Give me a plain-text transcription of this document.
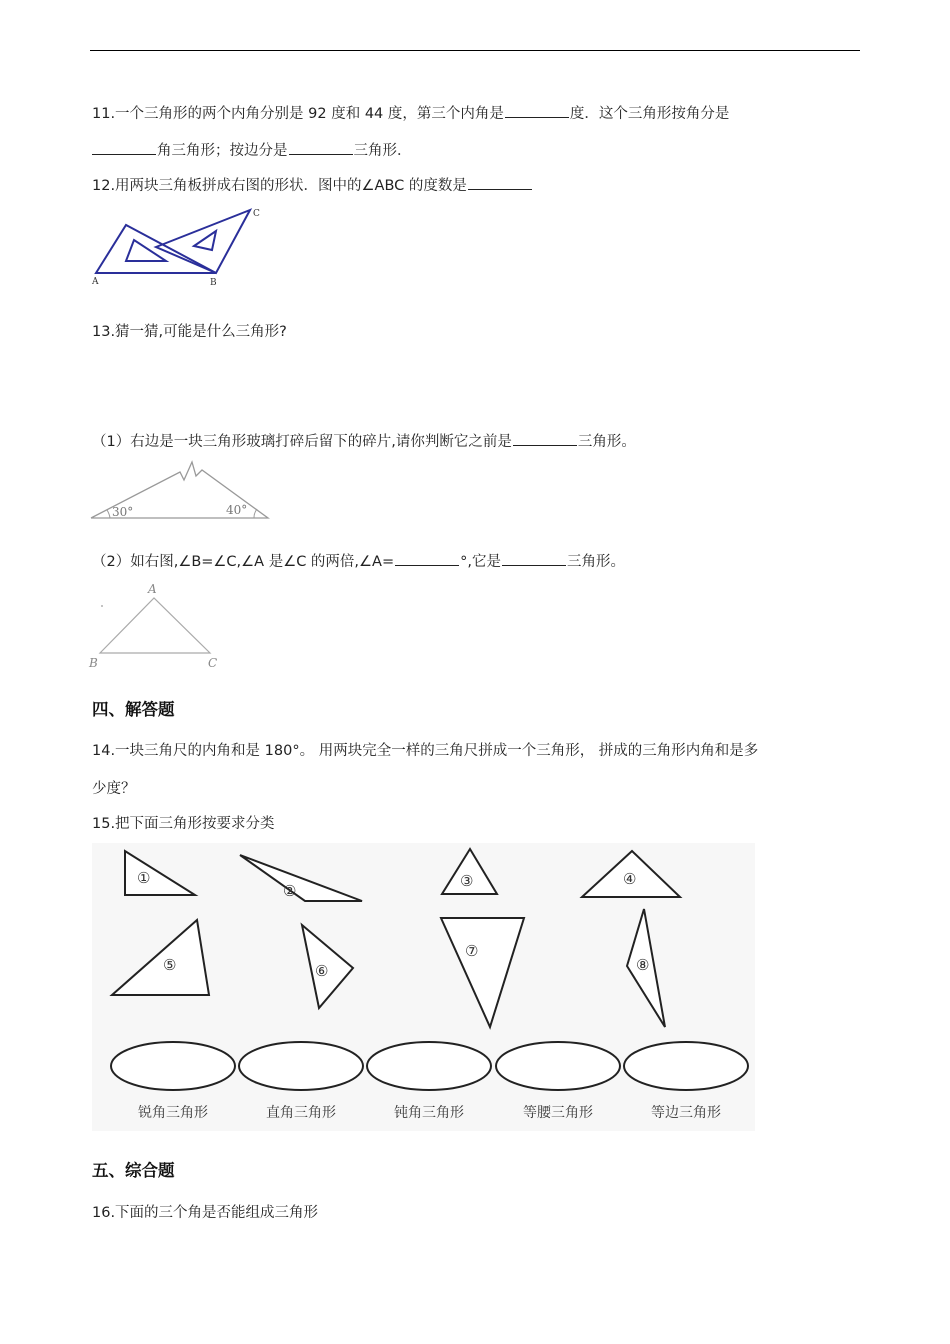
11.一个三角形的两个内角分别是 92 度和 44 度，第三个内角是	度．这个三角形按角分是
角三角形；按边分是	三角形．
12.用两块三角板拼成右图的形状．图中的∠ABC 的度数是
A	B
C
13.猜一猜,可能是什么三角形?
（1）右边是一块三角形玻璃打碎后留下的碎片,请你判断它之前是	三角形。
30°	40°
（2）如右图,∠B=∠C,∠A 是∠C 的两倍,∠A=	°,它是	三角形。
A
B	C
四、解答题
14.一块三角尺的内角和是 180°。 用两块完全一样的三角尺拼成一个三角形， 拼成的三角形内角和是多
少度？
15.把下面三角形按要求分类
①
②
③	④
⑤	⑥
⑦
⑧
锐角三角形	直角三角形	钝角三角形	等腰三角形	等边三角形
五、综合题
16.下面的三个角是否能组成三角形
